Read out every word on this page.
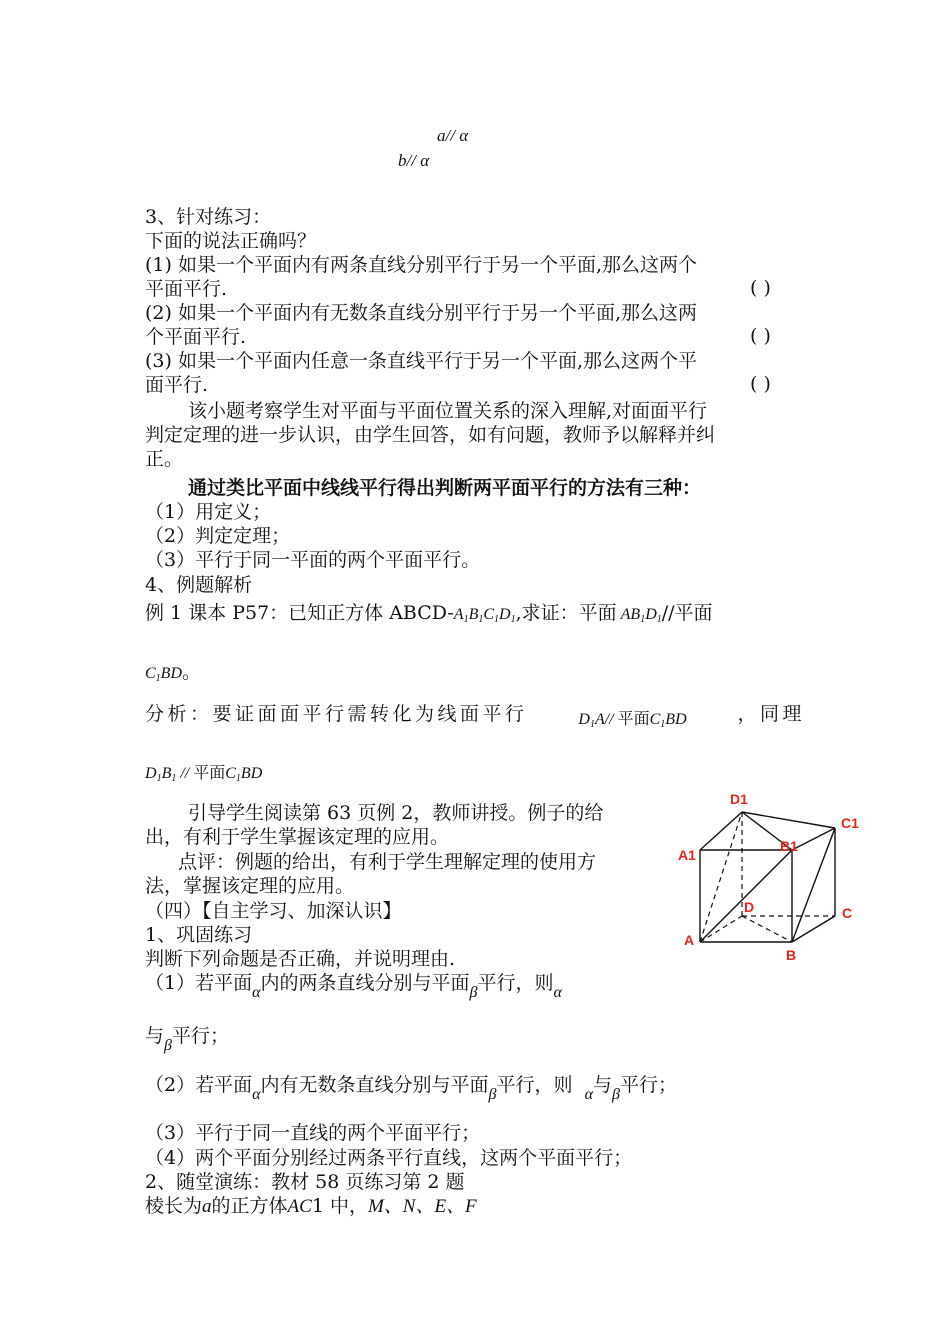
a// α
b// α
3、针对练习：
下面的说法正确吗？
(1) 如果一个平面内有两条直线分别平行于另一个平面,那么这两个
平面平行.	( )
(2) 如果一个平面内有无数条直线分别平行于另一个平面,那么这两
个平面平行.	( )
(3) 如果一个平面内任意一条直线平行于另一个平面,那么这两个平
面平行.	( )
该小题考察学生对平面与平面位置关系的深入理解,对面面平行
判定定理的进一步认识，由学生回答，如有问题，教师予以解释并纠
正。
通过类比平面中线线平行得出判断两平面平行的方法有三种：
（1）用定义；
（2）判定定理；
（3）平行于同一平面的两个平面平行。
4、例题解析
例 1 课本 P57：已知正方体 ABCD-$A_1B_1C_1D_1$,求证：平面 $AB_1D_1//$平面
$C_1BD$。
分析：要证面面平行需转化为线面平行	$D_1A//$ 平面$C_1BD$	，同理
$D_1B_1$ // 平面$C_1BD$
引导学生阅读第 63 页例 2，教师讲授。例子的给
出，有利于学生掌握该定理的应用。
点评：例题的给出，有利于学生理解定理的使用方
法，掌握该定理的应用。
（四）【自主学习、加深认识】
1、巩固练习
判断下列命题是否正确，并说明理由.
（1）若平面$_\alpha$内的两条直线分别与平面$_\beta$平行，则$_\alpha$
与$_\beta$平行；
（2）若平面$_\alpha$内有无数条直线分别与平面$_\beta$平行，则 $_\alpha$与$_\beta$平行；
（3）平行于同一直线的两个平面平行；
（4）两个平面分别经过两条平行直线，这两个平面平行；
2、随堂演练：教材 58 页练习第 2 题
棱长为a的正方体AC1 中，M、N、E、F
D1
C1
B1
A1
D	C
A
B
